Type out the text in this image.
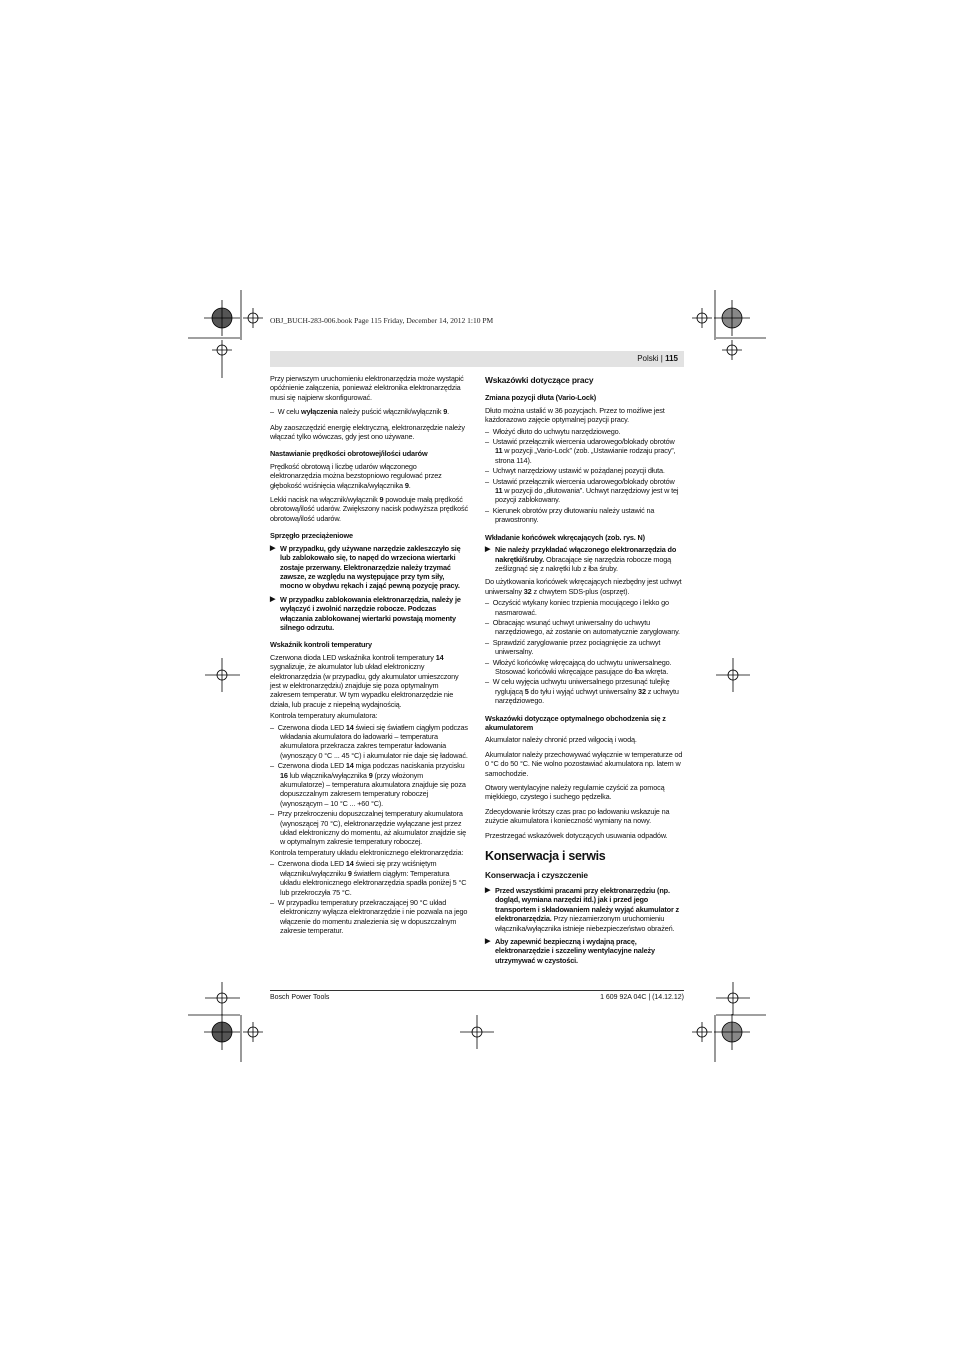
OBJ_BUCH-283-006.book Page 115 Friday, December 14, 2012 1:10 PM
Polski | 115

Przy pierwszym uruchomieniu elektronarzędzia może wystąpić opóźnienie załączenia, ponieważ elektronika elektronarzędzia musi się najpierw skonfigurować.

– W celu wyłączenia należy puścić włącznik/wyłącznik 9.

Aby zaoszczędzić energię elektryczną, elektronarzędzie należy włączać tylko wówczas, gdy jest ono używane.

Nastawianie prędkości obrotowej/ilości udarów

Prędkość obrotową i liczbę udarów włączonego elektronarzędzia można bezstopniowo regulować przez głębokość wciśnięcia włącznika/wyłącznika 9.

Lekki nacisk na włącznik/wyłącznik 9 powoduje małą prędkość obrotową/ilość udarów. Zwiększony nacisk podwyższa prędkość obrotową/ilość udarów.

Sprzęgło przeciążeniowe

▶ W przypadku, gdy używane narzędzie zakleszczyło się lub zablokowało się, to napęd do wrzeciona wiertarki zostaje przerwany. Elektronarzędzie należy trzymać zawsze, ze względu na występujące przy tym siły, mocno w obydwu rękach i zająć pewną pozycję pracy.

▶ W przypadku zablokowania elektronarzędzia, należy je wyłączyć i zwolnić narzędzie robocze. Podczas włączania zablokowanej wiertarki powstają momenty silnego odrzutu.

Wskaźnik kontroli temperatury

Czerwona dioda LED wskaźnika kontroli temperatury 14 sygnalizuje, że akumulator lub układ elektroniczny elektronarzędzia (w przypadku, gdy akumulator umieszczony jest w elektronarzędziu) znajduje się poza optymalnym zakresem temperatur. W tym wypadku elektronarzędzie nie działa, lub pracuje z niepełną wydajnością.

Kontrola temperatury akumulatora:

– Czerwona dioda LED 14 świeci się światłem ciągłym podczas wkładania akumulatora do ładowarki – temperatura akumulatora przekracza zakres temperatur ładowania (wynoszący 0 °C ... 45 °C) i akumulator nie daje się ładować.

– Czerwona dioda LED 14 miga podczas naciskania przycisku 16 lub włącznika/wyłącznika 9 (przy włożonym akumulatorze) – temperatura akumulatora znajduje się poza dopuszczalnym zakresem temperatury roboczej (wynoszącym – 10 °C ... +60 °C).

– Przy przekroczeniu dopuszczalnej temperatury akumulatora (wynoszącej 70 °C), elektronarzędzie wyłączane jest przez układ elektroniczny do momentu, aż akumulator znajdzie się w optymalnym zakresie temperatury roboczej.

Kontrola temperatury układu elektronicznego elektronarzędzia:

– Czerwona dioda LED 14 świeci się przy wciśniętym włączniku/wyłączniku 9 światłem ciągłym: Temperatura układu elektronicznego elektronarzędzia spadła poniżej 5 °C lub przekroczyła 75 °C.

– W przypadku temperatury przekraczającej 90 °C układ elektroniczny wyłącza elektronarzędzie i nie pozwala na jego włączenie do momentu znalezienia się w dopuszczalnym zakresie temperatur.

Wskazówki dotyczące pracy
Zmiana pozycji dłuta (Vario-Lock)

Dłuto można ustalić w 36 pozycjach. Przez to możliwe jest każdorazowo zajęcie optymalnej pozycji pracy.

– Włożyć dłuto do uchwytu narzędziowego.

– Ustawić przełącznik wiercenia udarowego/blokady obrotów 11 w pozycji „Vario-Lock” (zob. „Ustawianie rodzaju pracy”, strona 114).

– Uchwyt narzędziowy ustawić w pożądanej pozycji dłuta.

– Ustawić przełącznik wiercenia udarowego/blokady obrotów 11 w pozycji do „dłutowania”. Uchwyt narzędziowy jest w tej pozycji zablokowany.

– Kierunek obrotów przy dłutowaniu należy ustawić na prawostronny.

Wkładanie końcówek wkręcających (zob. rys. N)

▶ Nie należy przykładać włączonego elektronarzędzia do nakrętki/śruby. Obracające się narzędzia robocze mogą ześlizgnąć się z nakrętki lub z łba śruby.

Do użytkowania końcówek wkręcających niezbędny jest uchwyt uniwersalny 32 z chwytem SDS-plus (osprzęt).

– Oczyścić wtykany koniec trzpienia mocującego i lekko go nasmarować.

– Obracając wsunąć uchwyt uniwersalny do uchwytu narzędziowego, aż zostanie on automatycznie zaryglowany.

– Sprawdzić zaryglowanie przez pociągnięcie za uchwyt uniwersalny.

– Włożyć końcówkę wkręcającą do uchwytu uniwersalnego. Stosować końcówki wkręcające pasujące do łba wkręta.

– W celu wyjęcia uchwytu uniwersalnego przesunąć tulejkę ryglującą 5 do tyłu i wyjąć uchwyt uniwersalny 32 z uchwytu narzędziowego.

Wskazówki dotyczące optymalnego obchodzenia się z akumulatorem

Akumulator należy chronić przed wilgocią i wodą.

Akumulator należy przechowywać wyłącznie w temperaturze od 0 °C do 50 °C. Nie wolno pozostawiać akumulatora np. latem w samochodzie.

Otwory wentylacyjne należy regularnie czyścić za pomocą miękkiego, czystego i suchego pędzelka.

Zdecydowanie krótszy czas prac po ładowaniu wskazuje na zużycie akumulatora i konieczność wymiany na nowy.

Przestrzegać wskazówek dotyczących usuwania odpadów.

Konserwacja i serwis
Konserwacja i czyszczenie

▶ Przed wszystkimi pracami przy elektronarzędziu (np. dogląd, wymiana narzędzi itd.) jak i przed jego transportem i składowaniem należy wyjąć akumulator z elektronarzędzia. Przy niezamierzonym uruchomieniu włącznika/wyłącznika istnieje niebezpieczeństwo obrażeń.

▶ Aby zapewnić bezpieczną i wydajną pracę, elektronarzędzie i szczeliny wentylacyjne należy utrzymywać w czystości.

Bosch Power Tools	1 609 92A 04C | (14.12.12)
